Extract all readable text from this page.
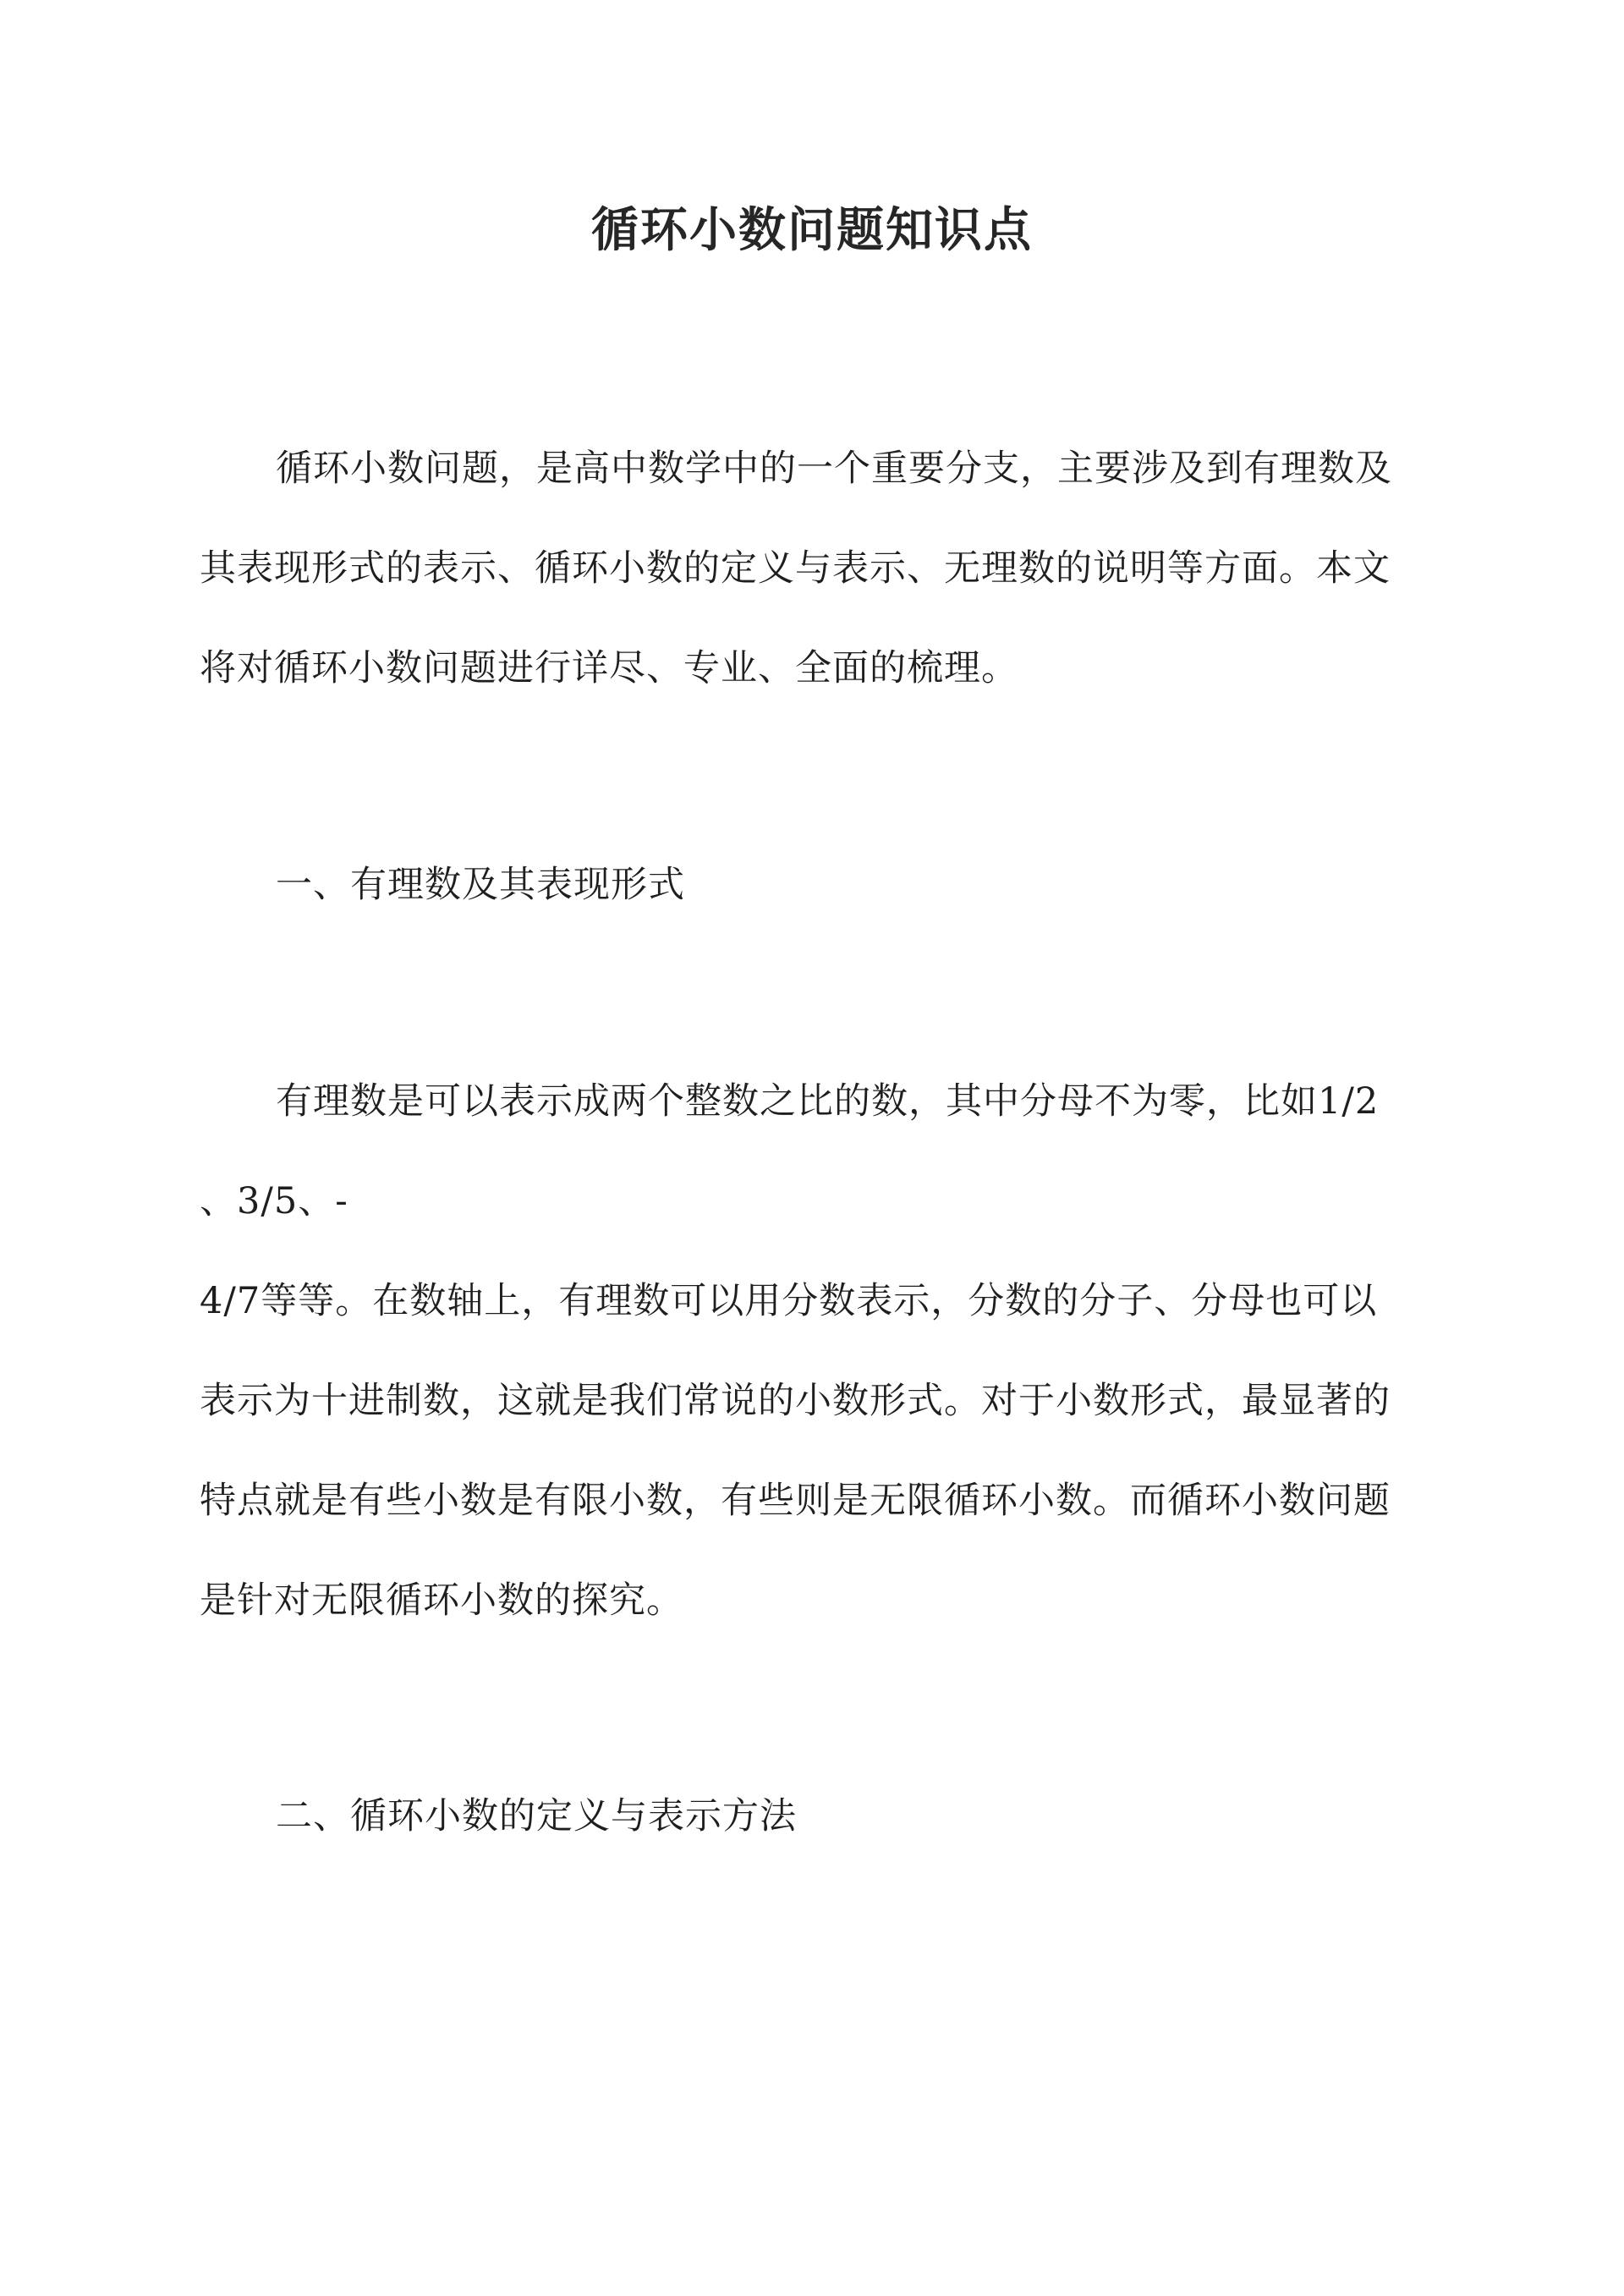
循环小数问题知识点
循环小数问题，是高中数学中的一个重要分支，主要涉及到有理数及
其表现形式的表示、循环小数的定义与表示、无理数的说明等方面。本文
将对循环小数问题进行详尽、专业、全面的梳理。
一、有理数及其表现形式
有理数是可以表示成两个整数之比的数，其中分母不为零，比如1/2
、3/5、-
4/7等等。在数轴上，有理数可以用分数表示，分数的分子、分母也可以
表示为十进制数，这就是我们常说的小数形式。对于小数形式，最显著的
特点就是有些小数是有限小数，有些则是无限循环小数。而循环小数问题
是针对无限循环小数的探究。
二、循环小数的定义与表示方法
